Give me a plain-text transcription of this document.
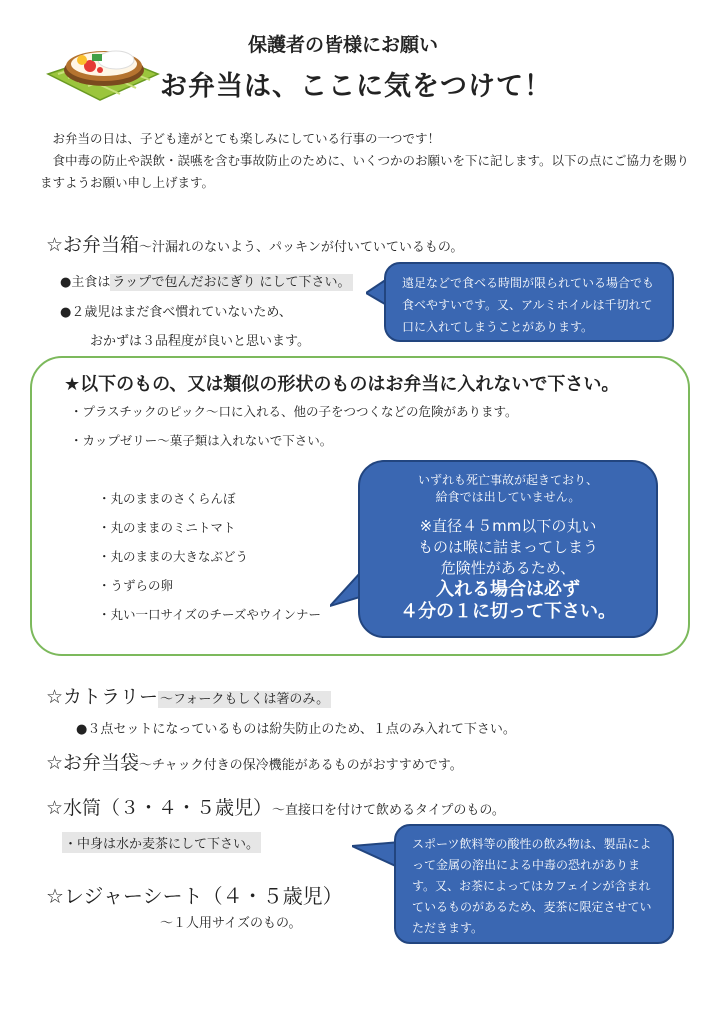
保護者の皆様にお願い
お弁当は、ここに気をつけて！

お弁当の日は、子ども達がとても楽しみにしている行事の一つです！

食中毒の防止や誤飲・誤嚥を含む事故防止のために、いくつかのお願いを下に記します。以下の点にご協力を賜りますようお願い申し上げます。

☆お弁当箱〜汁漏れのないよう、パッキンが付いていているもの。
●主食は ラップで包んだおにぎり にして下さい。
●２歳児はまだ食べ慣れていないため、
おかずは３品程度が良いと思います。
遠足などで食べる時間が限られている場合でも食べやすいです。又、アルミホイルは千切れて口に入れてしまうことがあります。
★以下のもの、又は類似の形状のものはお弁当に入れないで下さい。
・プラスチックのピック〜口に入れる、他の子をつつくなどの危険があります。
・カップゼリー〜菓子類は入れないで下さい。
・丸のままのさくらんぼ
・丸のままのミニトマト
・丸のままの大きなぶどう
・うずらの卵
・丸い一口サイズのチーズやウインナー
いずれも死亡事故が起きており、
給食では出していません。
※直径４５mm以下の丸い
ものは喉に詰まってしまう
危険性があるため、
入れる場合は必ず
４分の１に切って下さい。
☆カトラリー 〜フォークもしくは箸のみ。
●３点セットになっているものは紛失防止のため、１点のみ入れて下さい。
☆お弁当袋〜チャック付きの保冷機能があるものがおすすめです。
☆水筒（３・４・５歳児）〜直接口を付けて飲めるタイプのもの。
・中身は水か麦茶にして下さい。	スポーツ飲料等の酸性の飲み物は、製品によって金属の溶出による中毒の恐れがあります。又、お茶によってはカフェインが含まれているものがあるため、麦茶に限定させていただきます。
☆レジャーシート（４・５歳児）
〜１人用サイズのもの。
